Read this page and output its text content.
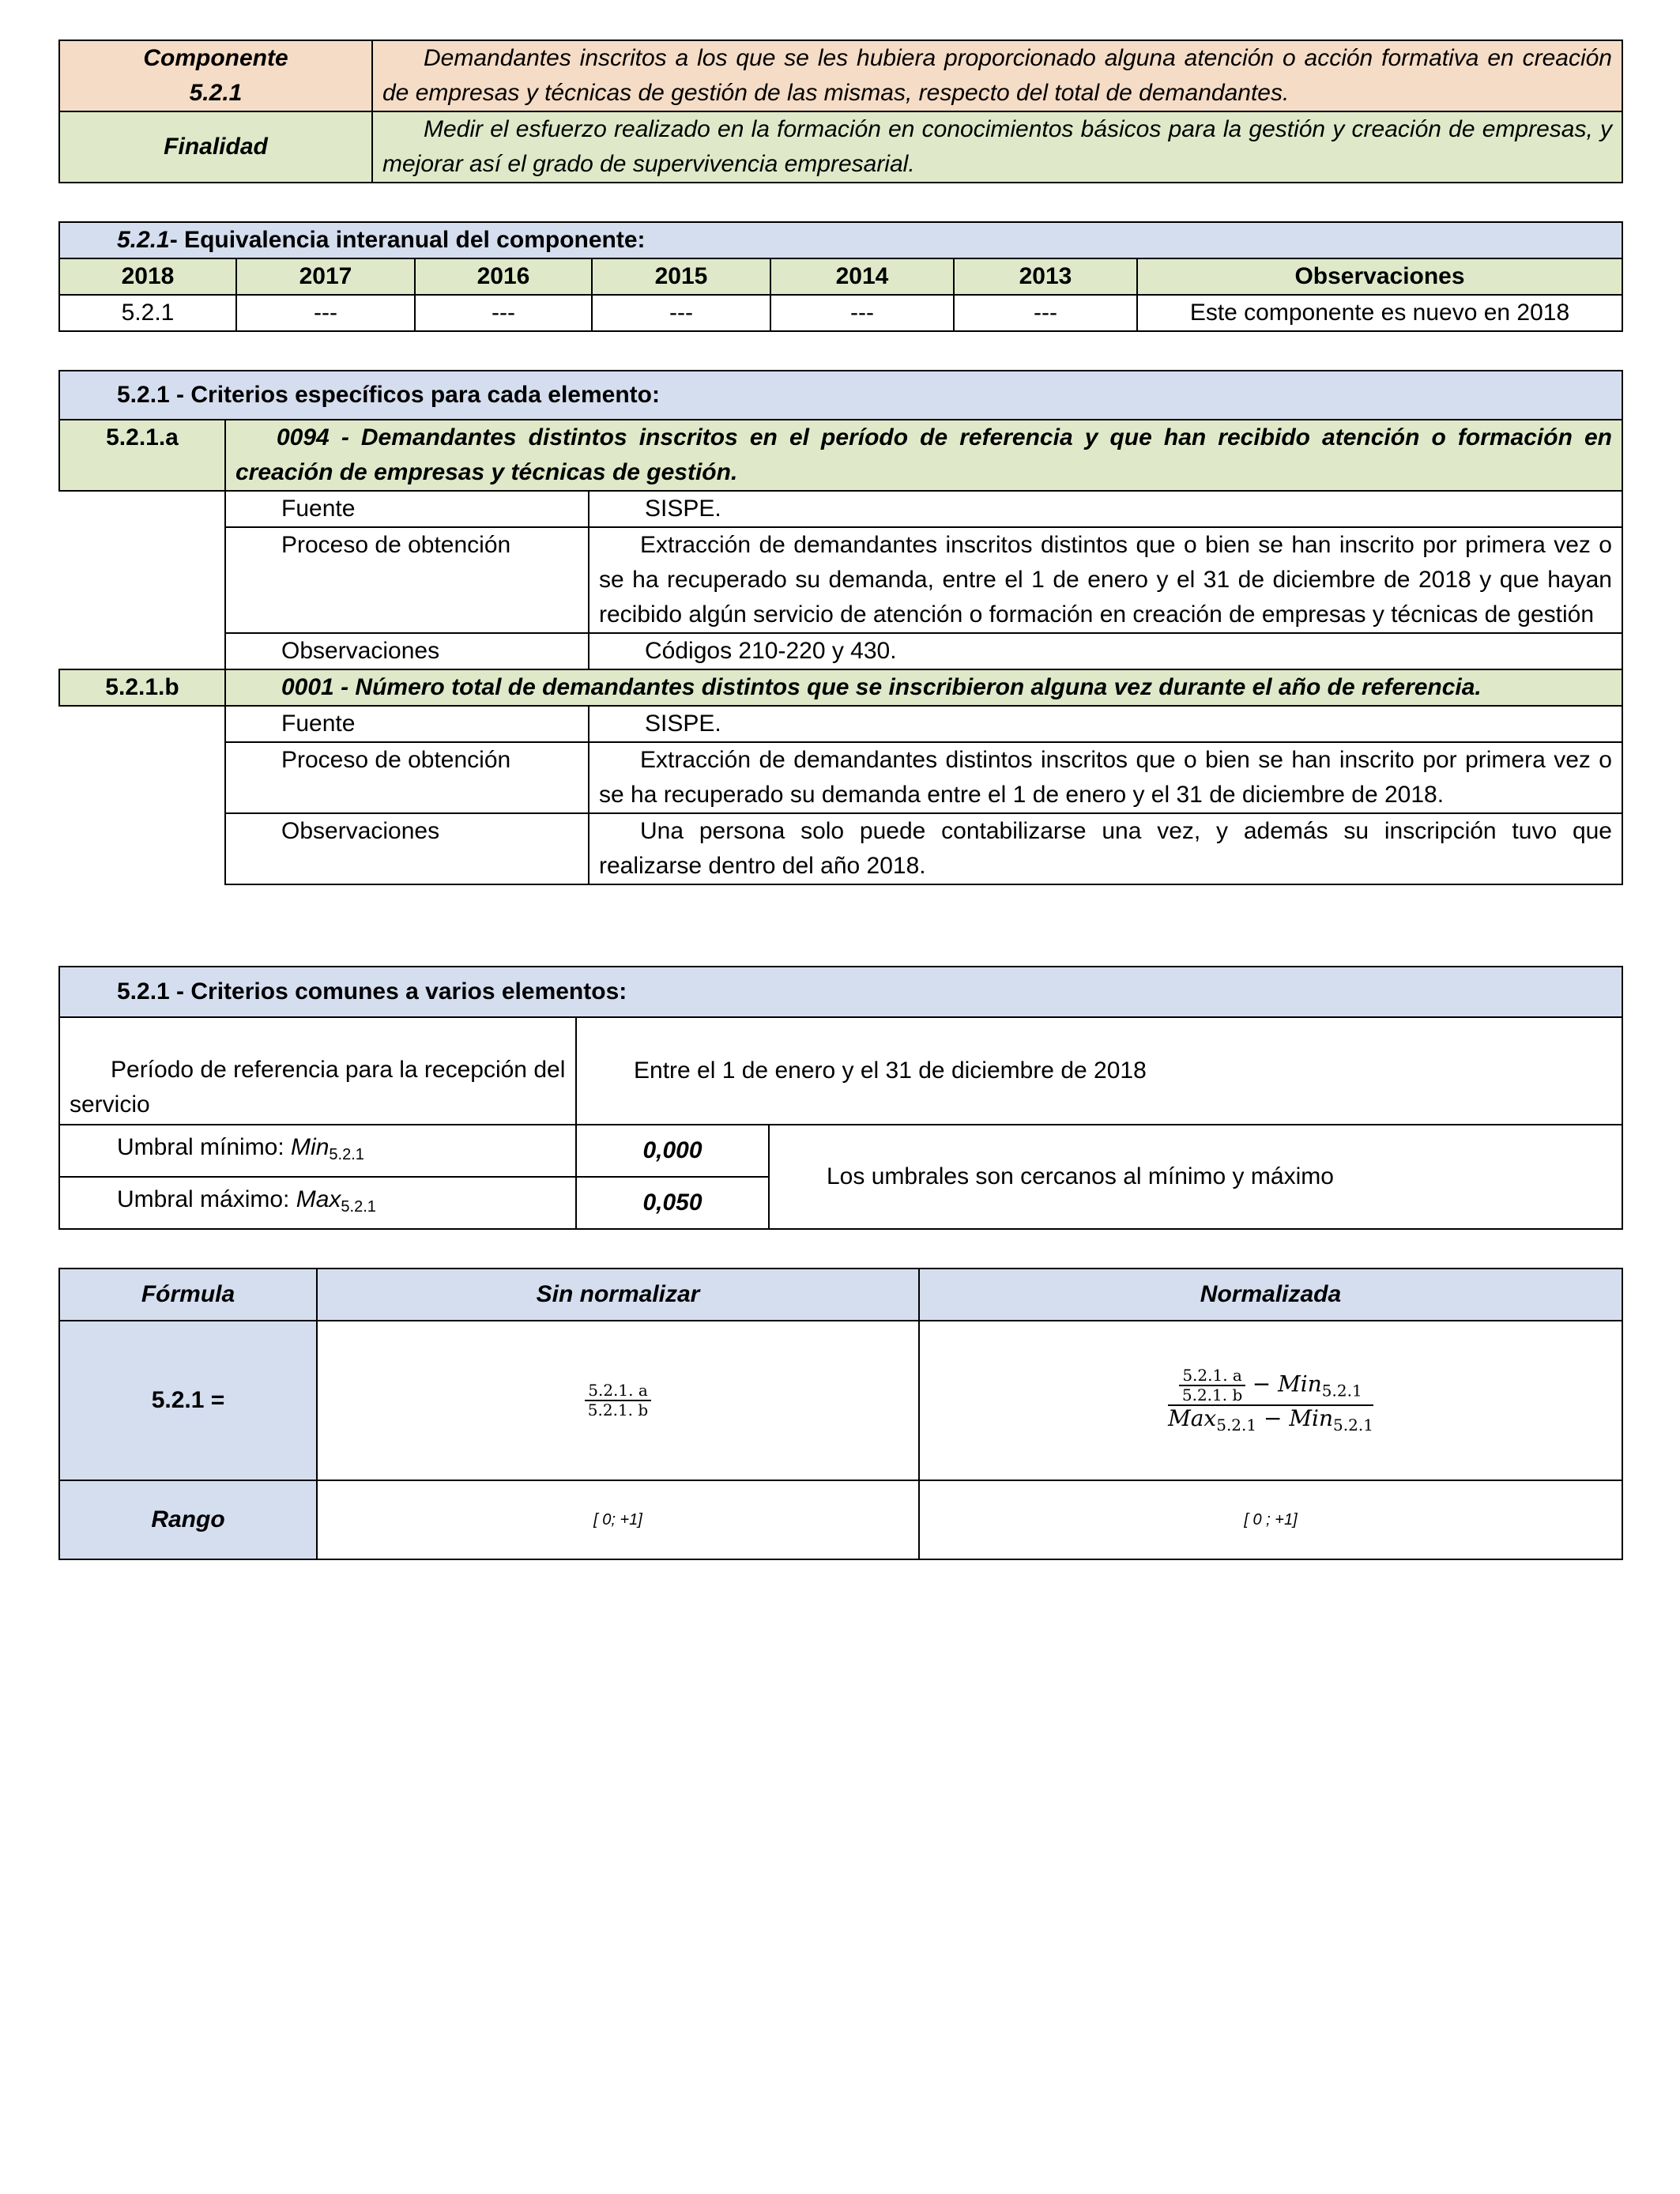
Componente
5.2.1	Demandantes inscritos a los que se les hubiera proporcionado alguna atención o acción formativa en creación de empresas y técnicas de gestión de las mismas, respecto del total de demandantes.

Finalidad	Medir el esfuerzo realizado en la formación en conocimientos básicos para la gestión y creación de empresas, y mejorar así el grado de supervivencia empresarial.
5.2.1- Equivalencia interanual del componente:						
2018	2017	2016	2015	2014	2013	Observaciones
5.2.1	---	---	---	---	---	Este componente es nuevo en 2018
5.2.1 - Criterios específicos para cada elemento:		
5.2.1.a	0094 - Demandantes distintos inscritos en el período de referencia y que han recibido atención o formación en creación de empresas y técnicas de gestión.	

	Fuente	SISPE.
	Proceso de obtención	Extracción de demandantes inscritos distintos que o bien se han inscrito por primera vez o se ha recuperado su demanda, entre el 1 de enero y el 31 de diciembre de 2018 y que hayan recibido algún servicio de atención o formación en creación de empresas y técnicas de gestión

	Observaciones	Códigos 210-220 y 430.
5.2.1.b	0001 - Número total de demandantes distintos que se inscribieron alguna vez durante el año de referencia.	
	Fuente	SISPE.
	Proceso de obtención	Extracción de demandantes distintos inscritos que o bien se han inscrito por primera vez o se ha recuperado su demanda entre el 1 de enero y el 31 de diciembre de 2018.

	Observaciones	Una persona solo puede contabilizarse una vez, y además su inscripción tuvo que realizarse dentro del año 2018.
5.2.1 - Criterios comunes a varios elementos:		

Período de referencia para la recepción del servicio	Entre el 1 de enero y el 31 de diciembre de 2018	
Umbral mínimo: Min$_{5.2.1}$	0,000	Los umbrales son cercanos al mínimo y máximo
Umbral máximo: Max$_{5.2.1}$	0,050	
Fórmula	Sin normalizar	Normalizada
5.2.1 =	$\frac{5.2.1. a}{5.2.1. b}$	$\frac{\frac{5.2.1. a}{5.2.1. b} - Min_{5.2.1}}{Max_{5.2.1} - Min_{5.2.1}}$

Rango	[ 0; +1]	[ 0 ; +1]
